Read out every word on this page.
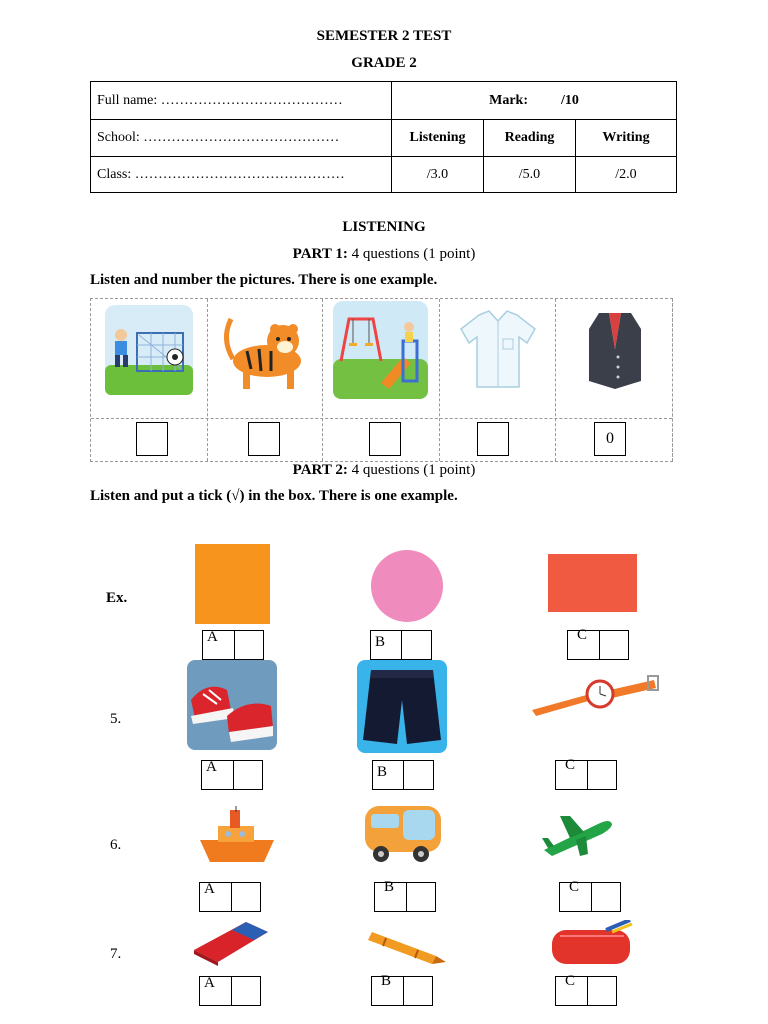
SEMESTER 2 TEST
GRADE 2
Full name: …………………………………	Mark: /10		
School: ……………………………………	Listening	Reading	Writing
Class: ………………………………………	/3.0	/5.0	/2.0
LISTENING
PART 1: 4 questions (1 point)
Listen and number the pictures. There is one example.
0
PART 2: 4 questions (1 point)
Listen and put a tick (√) in the box. There is one example.
Ex.
A	B	C
5.
A	B	C
6.
A	B	C
7.
A	B	C
